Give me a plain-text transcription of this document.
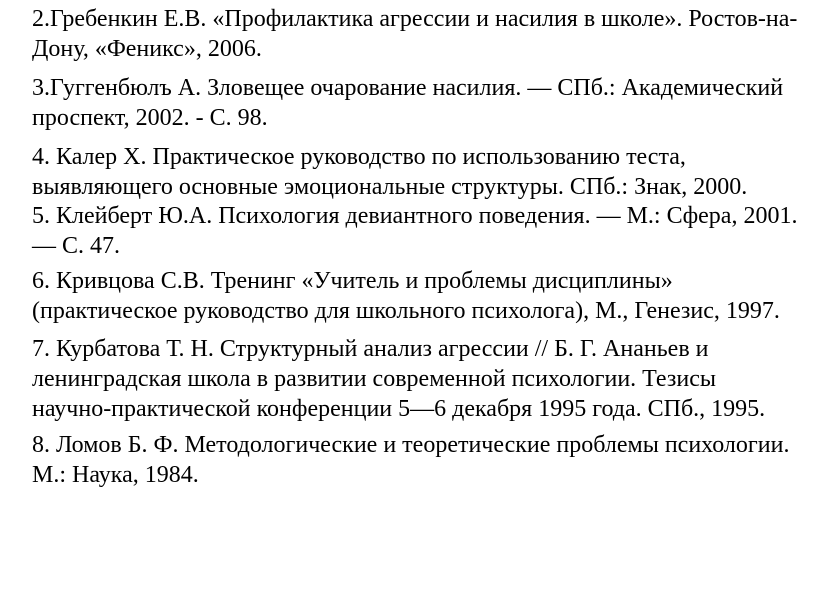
2.Гребенкин Е.В. «Профилактика агрессии и насилия в школе». Ростов-на-
Дону, «Феникс», 2006.
3.Гуггенбюлъ А. Зловещее очарование насилия. — СПб.: Академический
проспект, 2002. - С. 98.
4. Калер Х. Практическое руководство по использованию теста,
выявляющего основные эмоциональные структуры. СПб.: Знак, 2000.
5. Клейберт Ю.А. Психология девиантного поведения. — М.: Сфера, 2001.
— С. 47.
6. Кривцова С.В. Тренинг «Учитель и проблемы дисциплины»
(практическое руководство для школьного психолога), М., Генезис, 1997.
7. Курбатова Т. Н. Структурный анализ агрессии // Б. Г. Ананьев и
ленинградская школа в развитии современной психологии. Тезисы
научно-практической конференции 5—6 декабря 1995 года. СПб., 1995.
8. Ломов Б. Ф. Методологические и теоретические проблемы психологии.
М.: Наука, 1984.
